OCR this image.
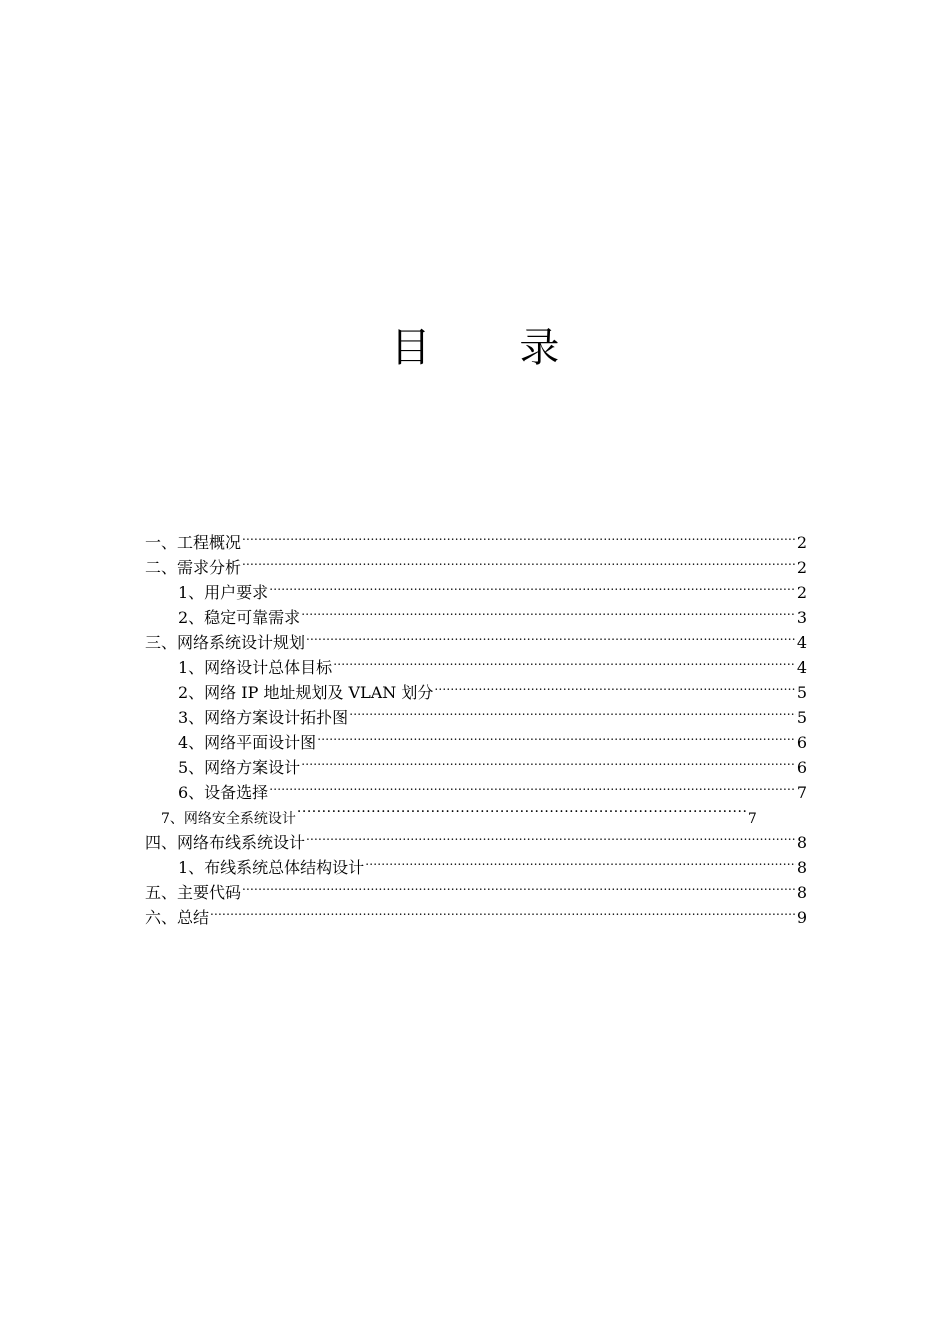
目 录
一、工程概况 .....	2
二、需求分析 .....	2
1、用户要求 .....	2
2、稳定可靠需求 .....	3
三、网络系统设计规划 .....	4
1、网络设计总体目标 .....	4
2、网络 IP 地址规划及 VLAN 划分 .....	5
3、网络方案设计拓扑图 .....	5
4、网络平面设计图 .....	6
5、网络方案设计 .....	6
6、设备选择 .....	7
7、网络安全系统设计 ·····	7
四、网络布线系统设计 .....	8
1、布线系统总体结构设计 .....	8
五、主要代码 .....	8
六、总结 .....	9
